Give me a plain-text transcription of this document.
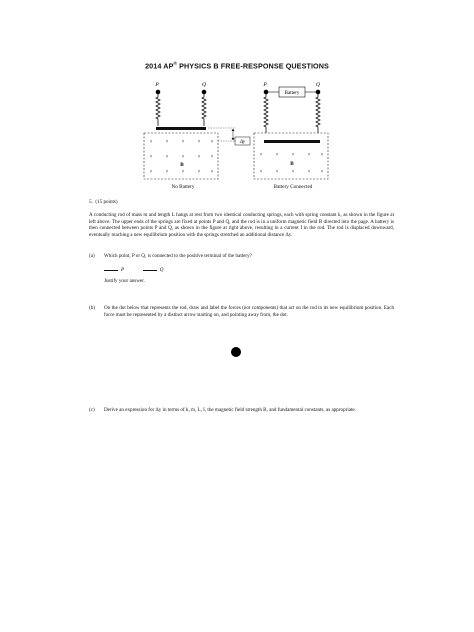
2014 AP® PHYSICS B FREE-RESPONSE QUESTIONS
P	Q
Δy
×	×	×	× ×
×	×	×	× ×
×	×	×	× ×
B
P	Q
Battery
×	×	×	× ×
×	×	×	× ×
B
No Battery	Battery Connected
5. (15 points)
A conducting rod of mass m and length L hangs at rest from two identical conducting springs, each with spring constant k, as shown in the figure at left above. The upper ends of the springs are fixed at points P and Q, and the rod is in a uniform magnetic field B directed into the page. A battery is then connected between points P and Q, as shown in the figure at right above, resulting in a current I in the rod. The rod is displaced downward, eventually reaching a new equilibrium position with the springs stretched an additional distance Δy.
(a) Which point, P or Q, is connected to the positive terminal of the battery?
P	Q
Justify your answer.
(b)	On the dot below that represents the rod, draw and label the forces (not components) that act on the rod in its new equilibrium position. Each force must be represented by a distinct arrow starting on, and pointing away from, the dot.
(c)	Derive an expression for Δy in terms of k, m, L, I, the magnetic field strength B, and fundamental constants, as appropriate.
